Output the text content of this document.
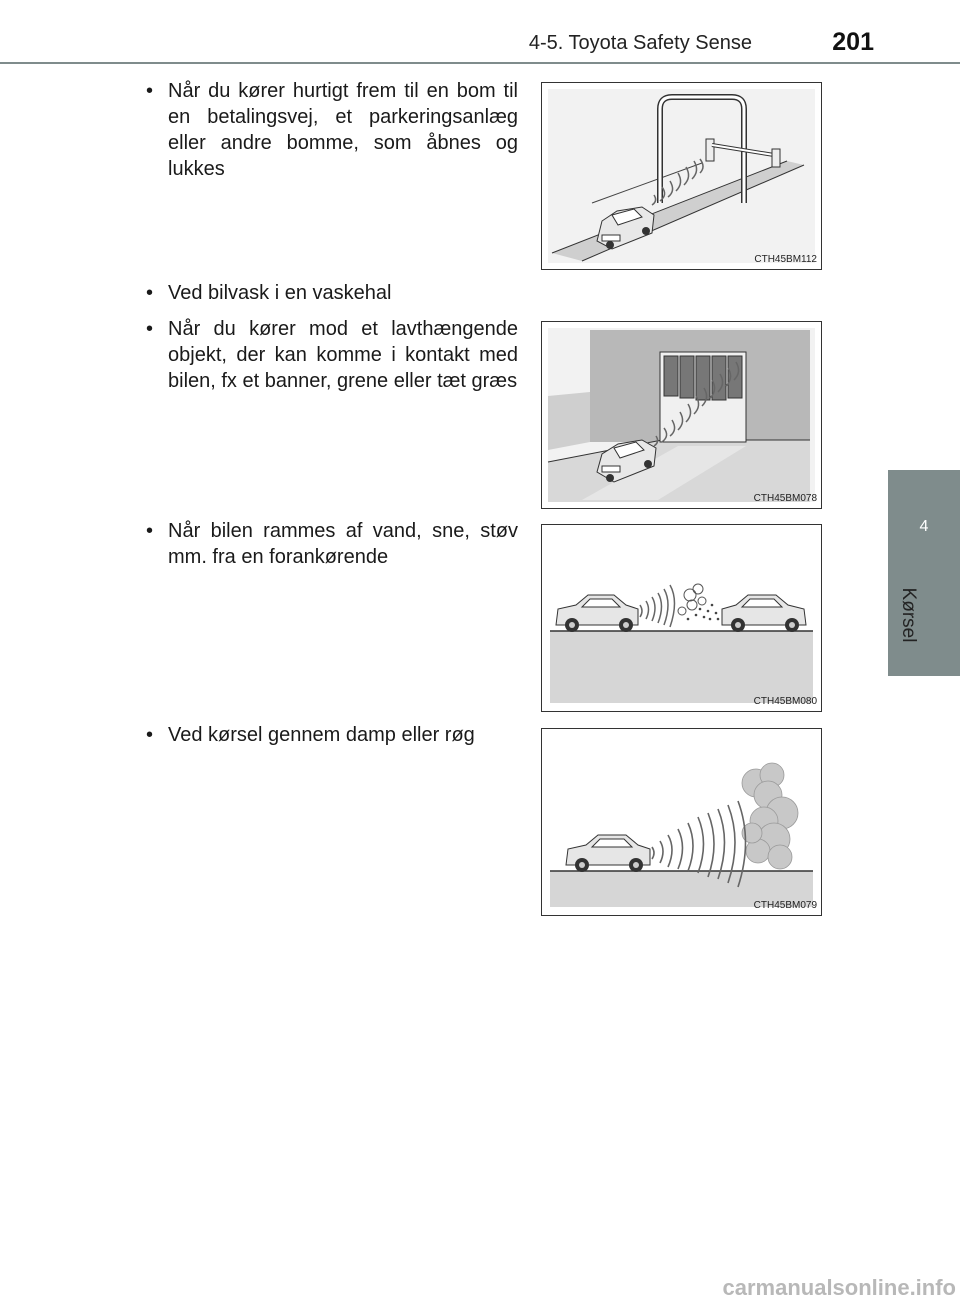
4-5. Toyota Safety Sense	201
4
Kørsel
• Når du kører hurtigt frem til en bom til en betalingsvej, et parkeringsanlæg eller andre bomme, som åbnes og lukkes
CTH45BM112
• Ved bilvask i en vaskehal
• Når du kører mod et lavthængende objekt, der kan komme i kontakt med bilen, fx et banner, grene eller tæt græs
CTH45BM078
• Når bilen rammes af vand, sne, støv mm. fra en forankørende
CTH45BM080
• Ved kørsel gennem damp eller røg
CTH45BM079
carmanualsonline.info
